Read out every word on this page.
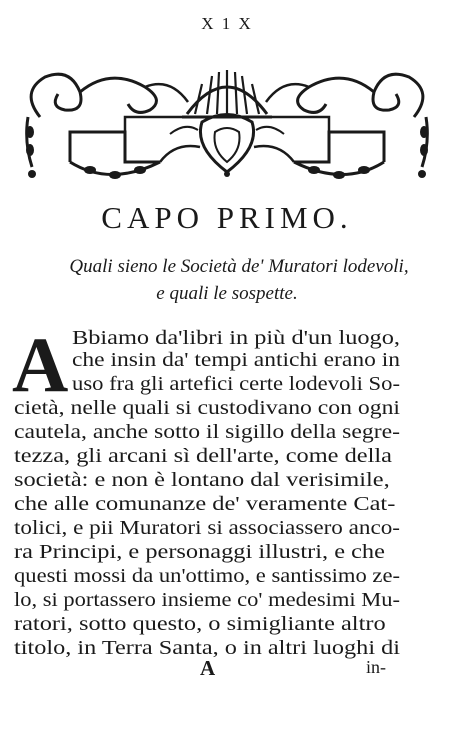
X 1 X
CAPO PRIMO.
Quali sieno le Società de' Muratori lodevoli,
e quali le sospette.
A Bbiamo da'libri in più d'un luogo,
che insin da' tempi antichi erano in
uso fra gli artefici certe lodevoli So-
cietà, nelle quali si custodivano con ogni
cautela, anche sotto il sigillo della segre-
tezza, gli arcani sì dell'arte, come della
società: e non è lontano dal verisimile,
che alle comunanze de' veramente Cat-
tolici, e pii Muratori si associassero anco-
ra Principi, e personaggi illustri, e che
questi mossi da un'ottimo, e santissimo ze-
lo, si portassero insieme co' medesimi Mu-
ratori, sotto questo, o simigliante altro
titolo, in Terra Santa, o in altri luoghi di
A	in-
